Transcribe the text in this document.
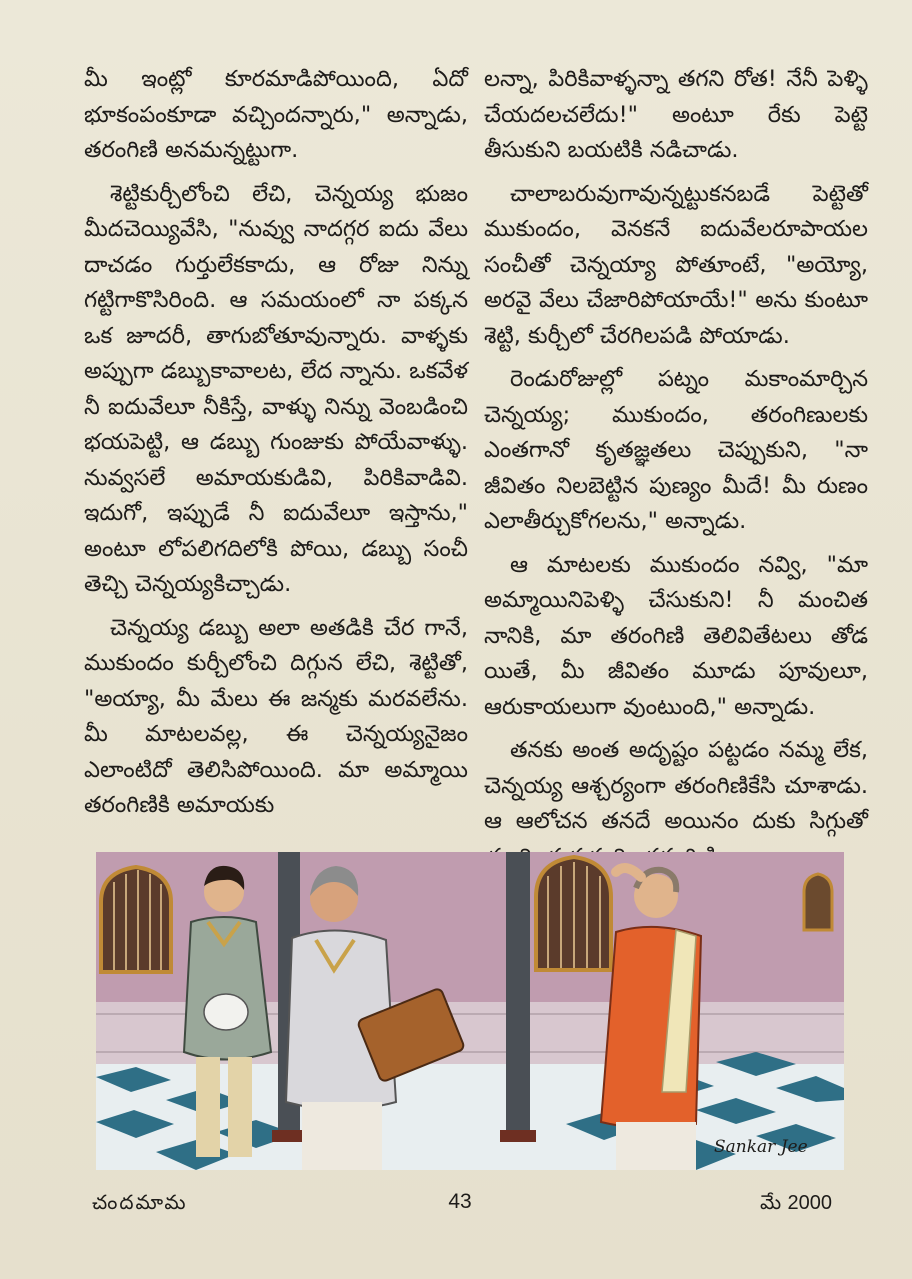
మీ ఇంట్లో కూరమాడిపోయింది, ఏదో భూకంపంకూడా వచ్చిందన్నారు," అన్నాడు, తరంగిణి అనమన్నట్టుగా.

శెట్టికుర్చీలోంచి లేచి, చెన్నయ్య భుజం మీదచెయ్యివేసి, "నువ్వు నాదగ్గర ఐదు వేలు దాచడం గుర్తులేకకాదు, ఆ రోజు నిన్ను గట్టిగాకొసిరింది. ఆ సమయంలో నా పక్కన ఒక జూదరీ, తాగుబోతూవున్నారు. వాళ్ళకు అప్పుగా డబ్బుకావాలట, లేద న్నాను. ఒకవేళ నీ ఐదువేలూ నీకిస్తే, వాళ్ళు నిన్ను వెంబడించి భయపెట్టి, ఆ డబ్బు గుంజుకు పోయేవాళ్ళు. నువ్వసలే అమాయకుడివి, పిరికివాడివి. ఇదుగో, ఇప్పుడే నీ ఐదువేలూ ఇస్తాను," అంటూ లోపలిగదిలోకి పోయి, డబ్బు సంచీ తెచ్చి చెన్నయ్యకిచ్చాడు.

చెన్నయ్య డబ్బు అలా అతడికి చేర గానే, ముకుందం కుర్చీలోంచి దిగ్గున లేచి, శెట్టితో, "అయ్యా, మీ మేలు ఈ జన్మకు మరవలేను. మీ మాటలవల్ల, ఈ చెన్నయ్యనైజం ఎలాంటిదో తెలిసిపోయింది. మా అమ్మాయి తరంగిణికి అమాయకు

లన్నా, పిరికివాళ్ళన్నా తగని రోత! నేనీ పెళ్ళి చేయదలచలేదు!" అంటూ రేకు పెట్టె తీసుకుని బయటికి నడిచాడు.

చాలాబరువుగావున్నట్టుకనబడే పెట్టెతో ముకుందం, వెనకనే ఐదువేలరూపాయల సంచీతో చెన్నయ్యా పోతూంటే, "అయ్యో, అరవై వేలు చేజారిపోయాయే!" అను కుంటూ శెట్టి, కుర్చీలో చేరగిలపడి పోయాడు.

రెండురోజుల్లో పట్నం మకాంమార్చిన చెన్నయ్య; ముకుందం, తరంగిణులకు ఎంతగానో కృతజ్ఞతలు చెప్పుకుని, "నా జీవితం నిలబెట్టిన పుణ్యం మీదే! మీ రుణం ఎలాతీర్చుకోగలను," అన్నాడు.

ఆ మాటలకు ముకుందం నవ్వి, "మా అమ్మాయినిపెళ్ళి చేసుకుని! నీ మంచిత నానికి, మా తరంగిణి తెలివితేటలు తోడ యితే, మీ జీవితం మూడు పూవులూ, ఆరుకాయలుగా వుంటుంది," అన్నాడు.

తనకు అంత అదృష్టం పట్టడం నమ్మ లేక, చెన్నయ్య ఆశ్చర్యంగా తరంగిణికేసి చూశాడు. ఆ ఆలోచన తనదే అయినం దుకు సిగ్గుతో

Sankar Jee
చందమామ	43	మే 2000
